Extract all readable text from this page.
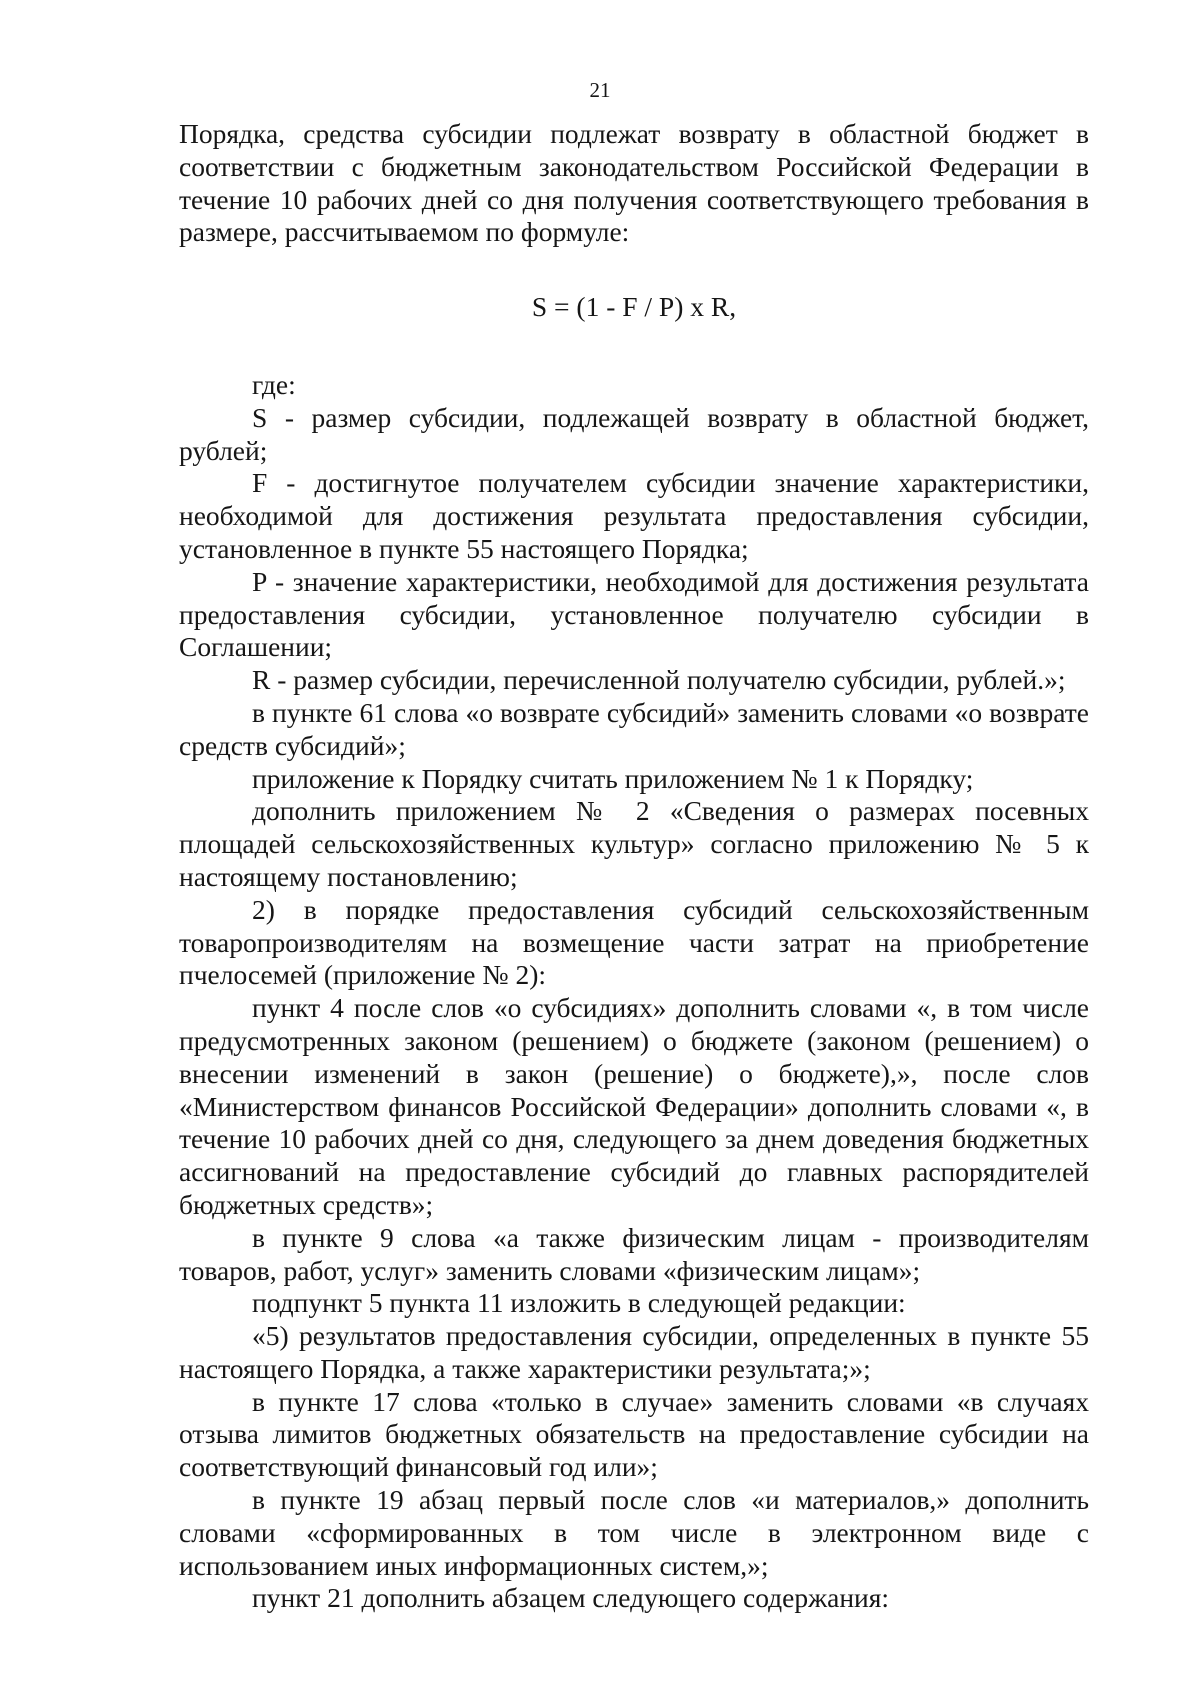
21

Порядка, средства субсидии подлежат возврату в областной бюджет в соответствии с бюджетным законодательством Российской Федерации в течение 10 рабочих дней со дня получения соответствующего требования в размере, рассчитываемом по формуле:

S = (1 - F / P) x R,

где:

S - размер субсидии, подлежащей возврату в областной бюджет, рублей;

F - достигнутое получателем субсидии значение характеристики, необходимой для достижения результата предоставления субсидии, установленное в пункте 55 настоящего Порядка;

P - значение характеристики, необходимой для достижения результата предоставления субсидии, установленное получателю субсидии в Соглашении;

R - размер субсидии, перечисленной получателю субсидии, рублей.»;

в пункте 61 слова «о возврате субсидий» заменить словами «о возврате средств субсидий»;

приложение к Порядку считать приложением № 1 к Порядку;

дополнить приложением № 2 «Сведения о размерах посевных площадей сельскохозяйственных культур» согласно приложению № 5 к настоящему постановлению;

2) в порядке предоставления субсидий сельскохозяйственным товаропроизводителям на возмещение части затрат на приобретение пчелосемей (приложение № 2):

пункт 4 после слов «о субсидиях» дополнить словами «, в том числе предусмотренных законом (решением) о бюджете (законом (решением) о внесении изменений в закон (решение) о бюджете),», после слов «Министерством финансов Российской Федерации» дополнить словами «, в течение 10 рабочих дней со дня, следующего за днем доведения бюджетных ассигнований на предоставление субсидий до главных распорядителей бюджетных средств»;

в пункте 9 слова «а также физическим лицам - производителям товаров, работ, услуг» заменить словами «физическим лицам»;

подпункт 5 пункта 11 изложить в следующей редакции:

«5) результатов предоставления субсидии, определенных в пункте 55 настоящего Порядка, а также характеристики результата;»;

в пункте 17 слова «только в случае» заменить словами «в случаях отзыва лимитов бюджетных обязательств на предоставление субсидии на соответствующий финансовый год или»;

в пункте 19 абзац первый после слов «и материалов,» дополнить словами «сформированных в том числе в электронном виде с использованием иных информационных систем,»;

пункт 21 дополнить абзацем следующего содержания:
